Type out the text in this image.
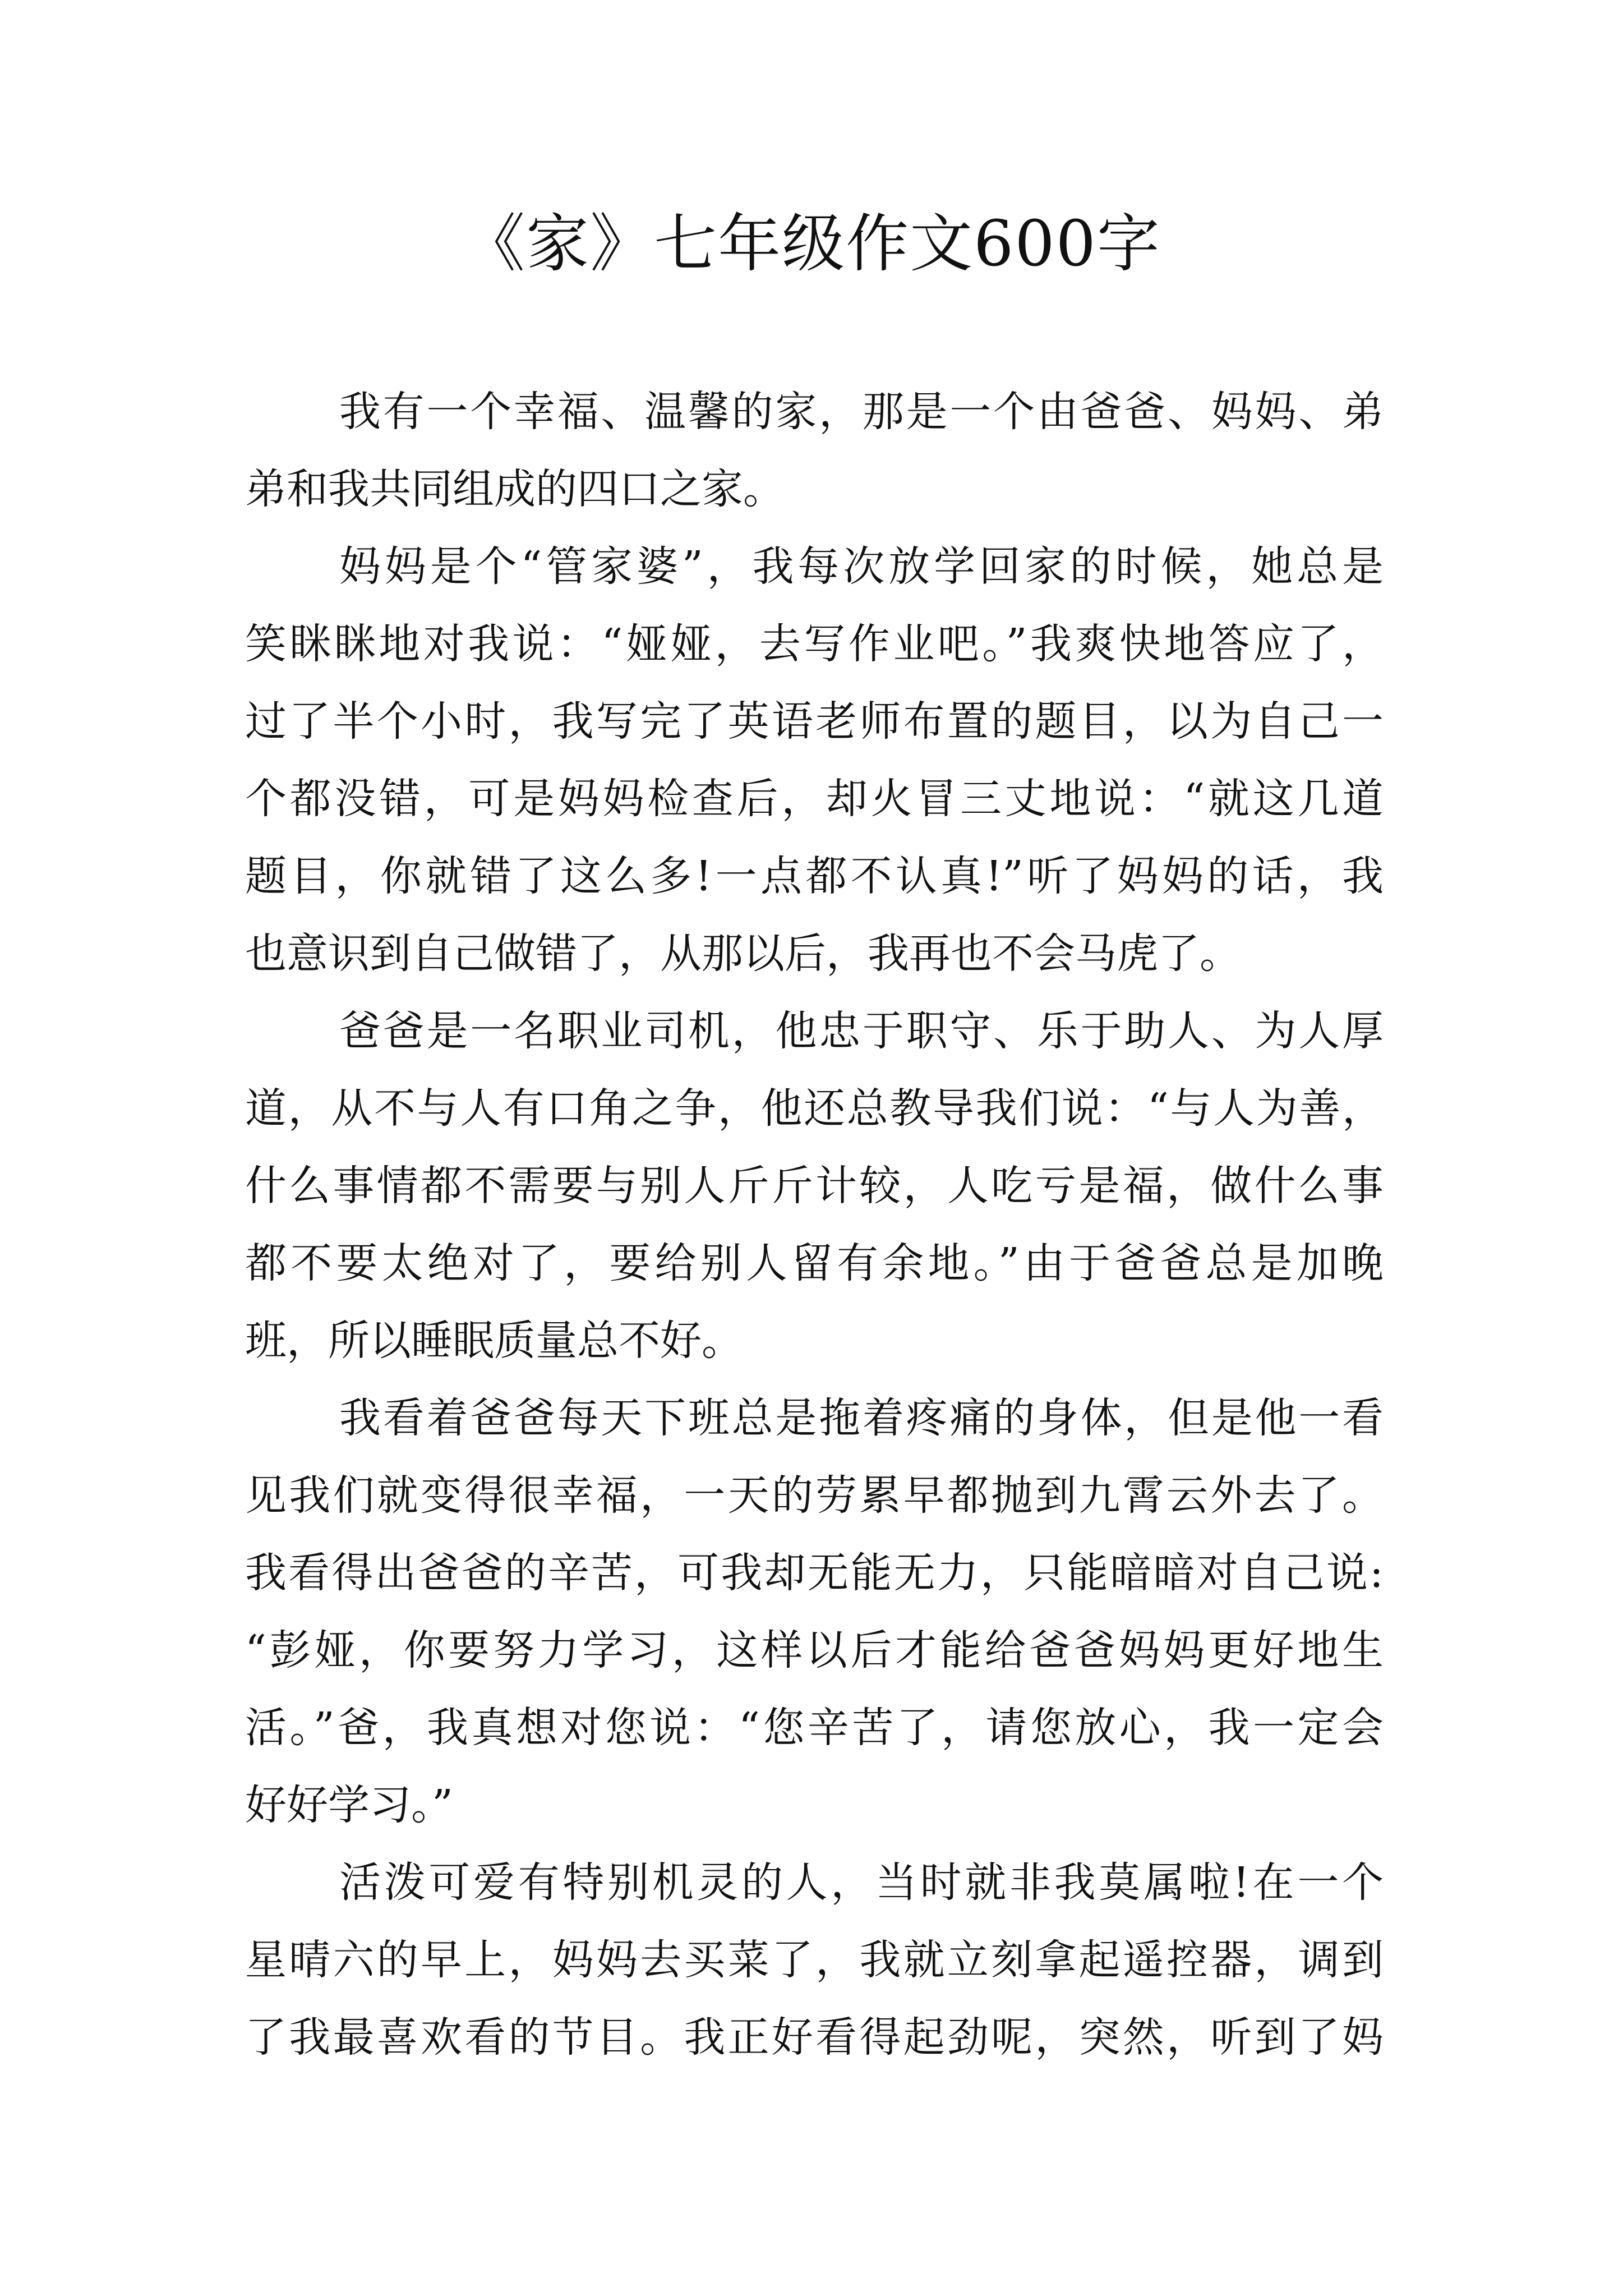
《家》七年级作文600字
我有一个幸福、温馨的家，那是一个由爸爸、妈妈、弟
弟和我共同组成的四口之家。
妈妈是个“管家婆”，我每次放学回家的时候，她总是
笑眯眯地对我说：“娅娅，去写作业吧。”我爽快地答应了，
过了半个小时，我写完了英语老师布置的题目，以为自己一
个都没错，可是妈妈检查后，却火冒三丈地说：“就这几道
题目，你就错了这么多!一点都不认真!”听了妈妈的话，我
也意识到自己做错了，从那以后，我再也不会马虎了。
爸爸是一名职业司机，他忠于职守、乐于助人、为人厚
道，从不与人有口角之争，他还总教导我们说：“与人为善，
什么事情都不需要与别人斤斤计较，人吃亏是福，做什么事
都不要太绝对了，要给别人留有余地。”由于爸爸总是加晚
班，所以睡眠质量总不好。
我看着爸爸每天下班总是拖着疼痛的身体，但是他一看
见我们就变得很幸福，一天的劳累早都抛到九霄云外去了。
我看得出爸爸的辛苦，可我却无能无力，只能暗暗对自己说:
“彭娅，你要努力学习，这样以后才能给爸爸妈妈更好地生
活。”爸，我真想对您说：“您辛苦了，请您放心，我一定会
好好学习。”
活泼可爱有特别机灵的人，当时就非我莫属啦!在一个
星晴六的早上，妈妈去买菜了，我就立刻拿起遥控器，调到
了我最喜欢看的节目。我正好看得起劲呢，突然，听到了妈
